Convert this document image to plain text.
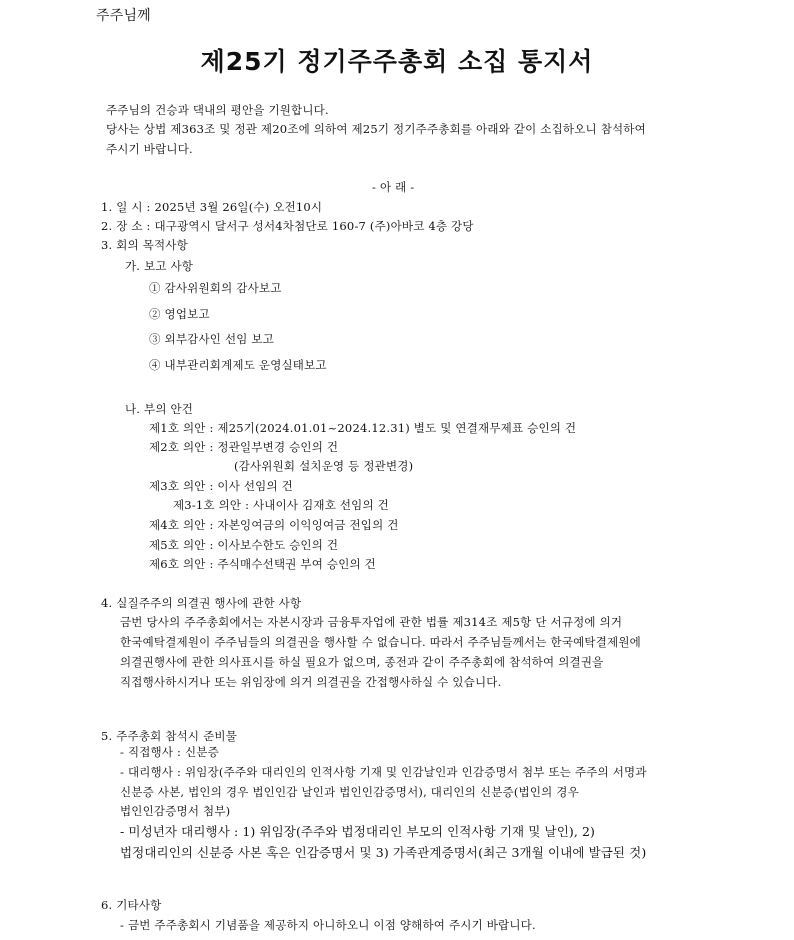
주주님께
제25기 정기주주총회 소집 통지서
주주님의 건승과 댁내의 평안을 기원합니다.
당사는 상법 제363조 및 정관 제20조에 의하여 제25기 정기주주총회를 아래와 같이 소집하오니 참석하여
주시기 바랍니다.
- 아 래 -
1. 일 시 : 2025년 3월 26일(수) 오전10시
2. 장 소 : 대구광역시 달서구 성서4차첨단로 160-7 (주)아바코 4층 강당
3. 회의 목적사항
가. 보고 사항
① 감사위원회의 감사보고
② 영업보고
③ 외부감사인 선임 보고
④ 내부관리회계제도 운영실태보고
나. 부의 안건
제1호 의안 : 제25기(2024.01.01~2024.12.31) 별도 및 연결재무제표 승인의 건
제2호 의안 : 정관일부변경 승인의 건
(감사위원회 설치운영 등 정관변경)
제3호 의안 : 이사 선임의 건
제3-1호 의안 : 사내이사 김재호 선임의 건
제4호 의안 : 자본잉여금의 이익잉여금 전입의 건
제5호 의안 : 이사보수한도 승인의 건
제6호 의안 : 주식매수선택권 부여 승인의 건
4. 실질주주의 의결권 행사에 관한 사항
금번 당사의 주주총회에서는 자본시장과 금융투자업에 관한 법률 제314조 제5항 단 서규정에 의거
한국예탁결제원이 주주님들의 의결권을 행사할 수 없습니다. 따라서 주주님들께서는 한국예탁결제원에
의결권행사에 관한 의사표시를 하실 필요가 없으며, 종전과 같이 주주총회에 참석하여 의결권을
직접행사하시거나 또는 위임장에 의거 의결권을 간접행사하실 수 있습니다.
5. 주주총회 참석시 준비물
- 직접행사 : 신분증
- 대리행사 : 위임장(주주와 대리인의 인적사항 기재 및 인감날인과 인감증명서 첨부 또는 주주의 서명과
신분증 사본, 법인의 경우 법인인감 날인과 법인인감증명서), 대리인의 신분증(법인의 경우
법인인감증명서 첨부)
- 미성년자 대리행사 : 1) 위임장(주주와 법정대리인 부모의 인적사항 기재 및 날인), 2)
법정대리인의 신분증 사본 혹은 인감증명서 및 3) 가족관계증명서(최근 3개월 이내에 발급된 것)
6. 기타사항
- 금번 주주총회시 기념품을 제공하지 아니하오니 이점 양해하여 주시기 바랍니다.
